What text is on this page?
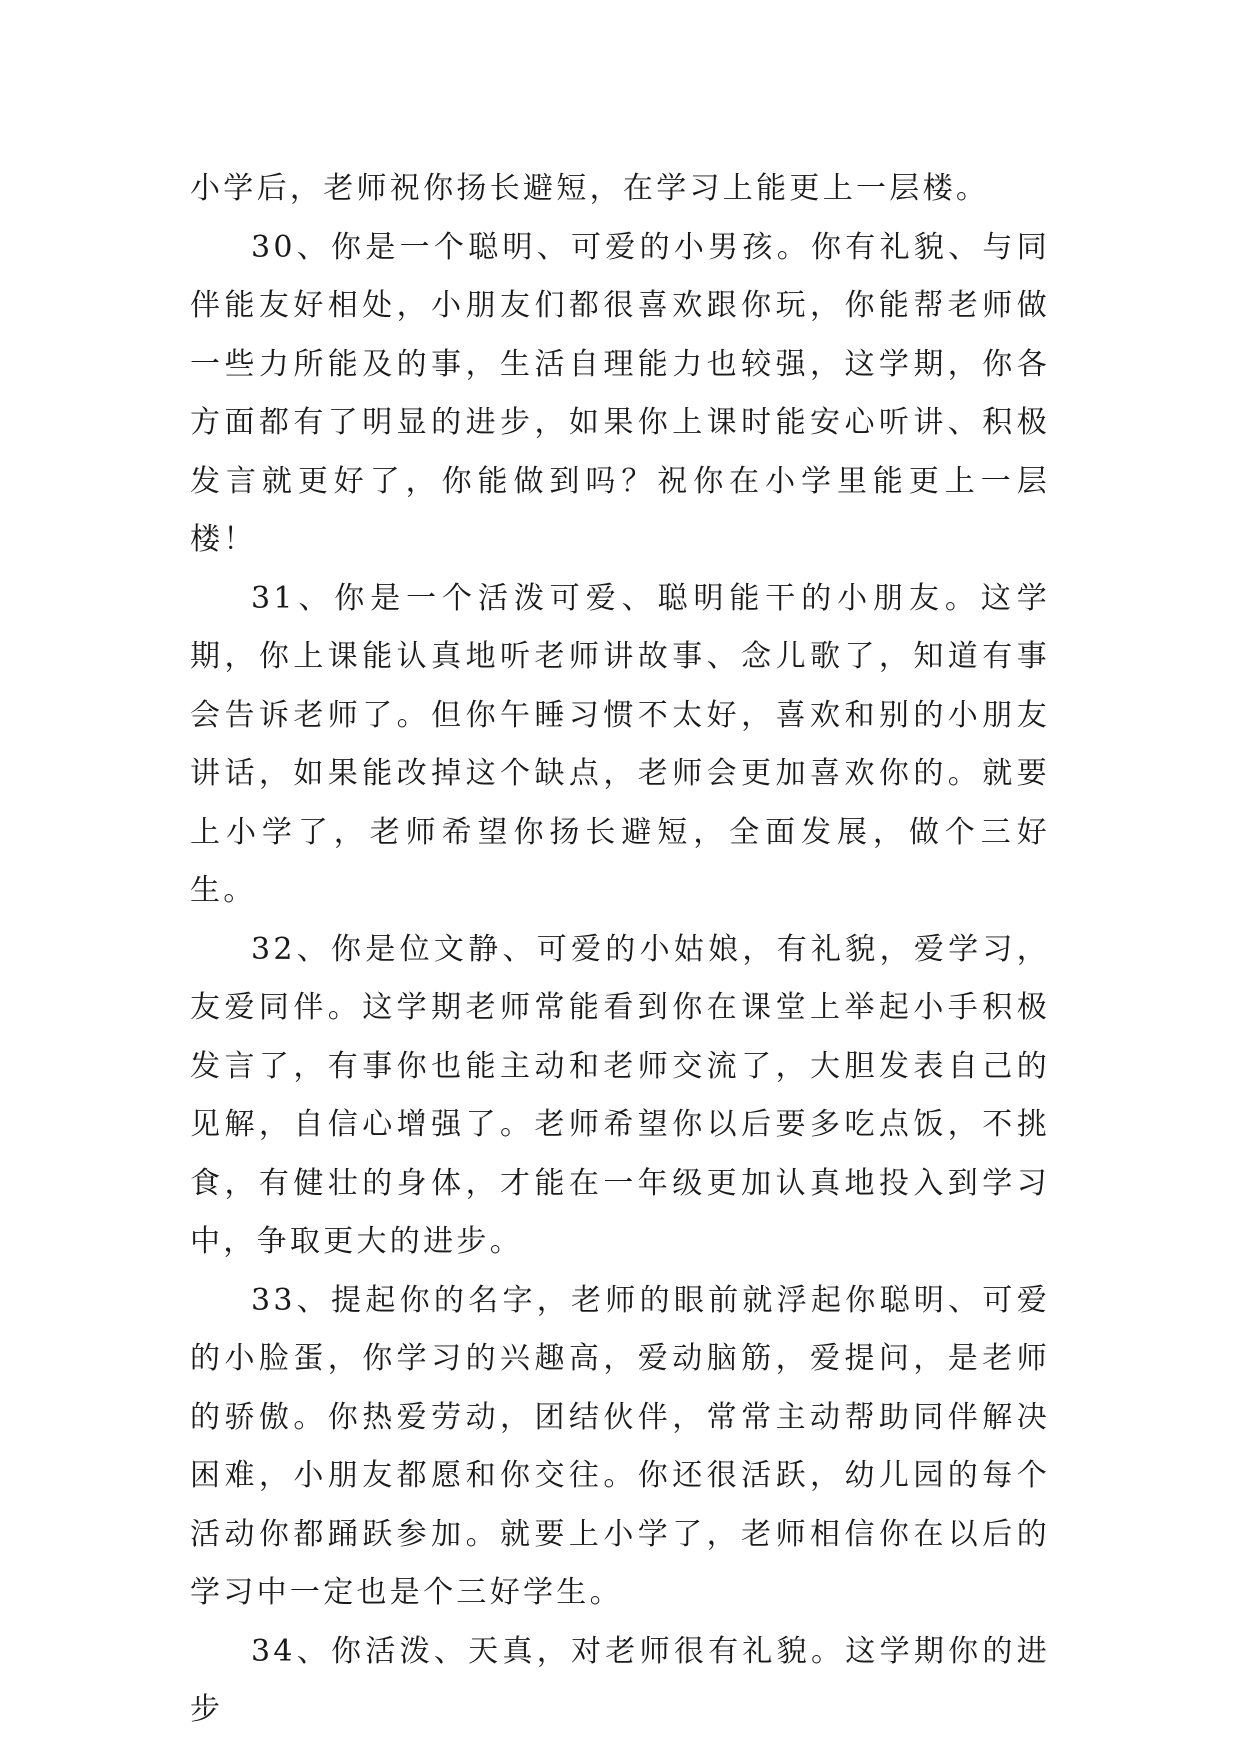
小学后，老师祝你扬长避短，在学习上能更上一层楼。

30、你是一个聪明、可爱的小男孩。你有礼貌、与同伴能友好相处，小朋友们都很喜欢跟你玩，你能帮老师做一些力所能及的事，生活自理能力也较强，这学期，你各方面都有了明显的进步，如果你上课时能安心听讲、积极发言就更好了，你能做到吗？祝你在小学里能更上一层楼！

31、你是一个活泼可爱、聪明能干的小朋友。这学期，你上课能认真地听老师讲故事、念儿歌了，知道有事会告诉老师了。但你午睡习惯不太好，喜欢和别的小朋友讲话，如果能改掉这个缺点，老师会更加喜欢你的。就要上小学了，老师希望你扬长避短，全面发展，做个三好生。

32、你是位文静、可爱的小姑娘，有礼貌，爱学习，友爱同伴。这学期老师常能看到你在课堂上举起小手积极发言了，有事你也能主动和老师交流了，大胆发表自己的见解，自信心增强了。老师希望你以后要多吃点饭，不挑食，有健壮的身体，才能在一年级更加认真地投入到学习中，争取更大的进步。

33、提起你的名字，老师的眼前就浮起你聪明、可爱的小脸蛋，你学习的兴趣高，爱动脑筋，爱提问，是老师的骄傲。你热爱劳动，团结伙伴，常常主动帮助同伴解决困难，小朋友都愿和你交往。你还很活跃，幼儿园的每个活动你都踊跃参加。就要上小学了，老师相信你在以后的学习中一定也是个三好学生。

34、你活泼、天真，对老师很有礼貌。这学期你的进步
